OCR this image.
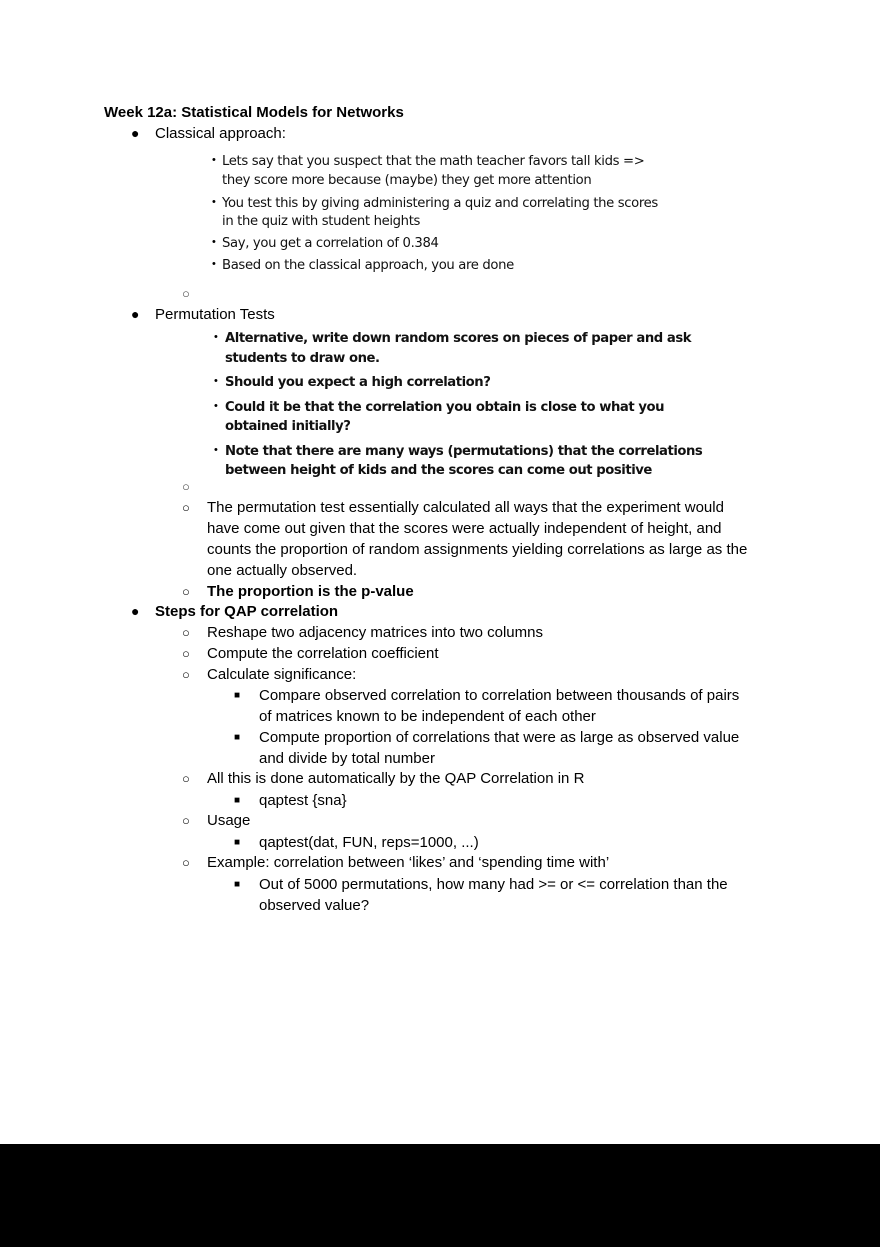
Week 12a: Statistical Models for Networks
● Classical approach:
• Lets say that you suspect that the math teacher favors tall kids =>
they score more because (maybe) they get more attention
• You test this by giving administering a quiz and correlating the scores
in the quiz with student heights
• Say, you get a correlation of 0.384
• Based on the classical approach, you are done
○
● Permutation Tests
• Alternative, write down random scores on pieces of paper and ask
students to draw one.
• Should you expect a high correlation?
• Could it be that the correlation you obtain is close to what you
obtained initially?
• Note that there are many ways (permutations) that the correlations
between height of kids and the scores can come out positive
○
○ The permutation test essentially calculated all ways that the experiment would
have come out given that the scores were actually independent of height, and
counts the proportion of random assignments yielding correlations as large as the
one actually observed.
○ The proportion is the p-value
● Steps for QAP correlation
○ Reshape two adjacency matrices into two columns
○ Compute the correlation coefficient
○ Calculate significance:
■ Compare observed correlation to correlation between thousands of pairs
of matrices known to be independent of each other
■ Compute proportion of correlations that were as large as observed value
and divide by total number
○ All this is done automatically by the QAP Correlation in R
■ qaptest {sna}
○ Usage
■ qaptest(dat, FUN, reps=1000, ...)
○ Example: correlation between ‘likes’ and ‘spending time with’
■ Out of 5000 permutations, how many had >= or <= correlation than the
observed value?
